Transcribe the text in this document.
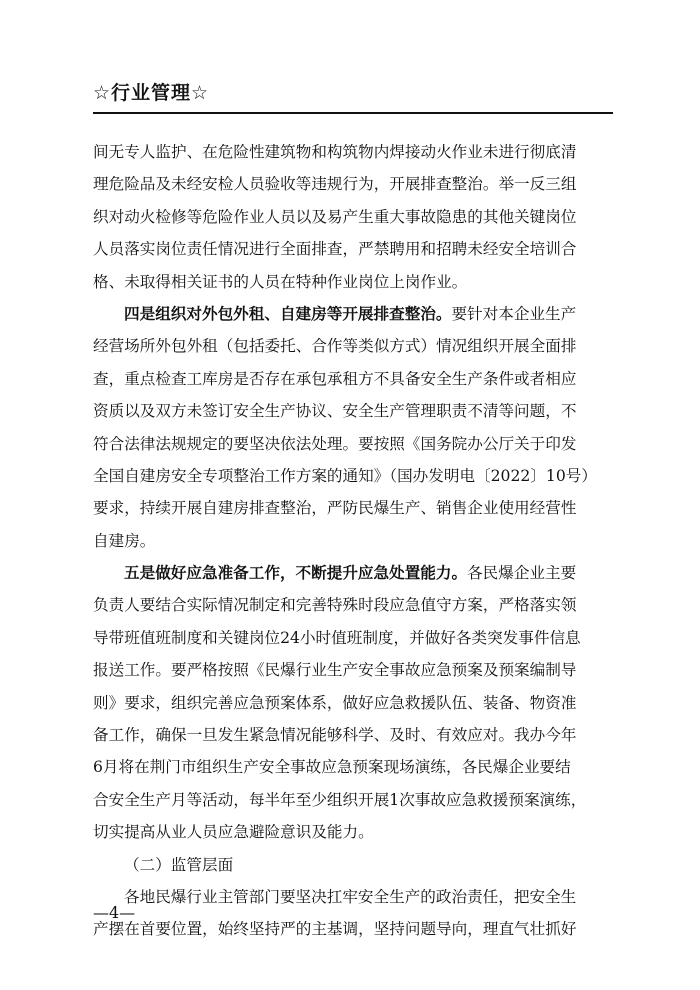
☆行业管理☆
间无专人监护、在危险性建筑物和构筑物内焊接动火作业未进行彻底清
理危险品及未经安检人员验收等违规行为，开展排查整治。举一反三组
织对动火检修等危险作业人员以及易产生重大事故隐患的其他关键岗位
人员落实岗位责任情况进行全面排查，严禁聘用和招聘未经安全培训合
格、未取得相关证书的人员在特种作业岗位上岗作业。
四是组织对外包外租、自建房等开展排查整治。要针对本企业生产
经营场所外包外租（包括委托、合作等类似方式）情况组织开展全面排
查，重点检查工库房是否存在承包承租方不具备安全生产条件或者相应
资质以及双方未签订安全生产协议、安全生产管理职责不清等问题，不
符合法律法规规定的要坚决依法处理。要按照《国务院办公厅关于印发
全国自建房安全专项整治工作方案的通知》（国办发明电〔2022〕10号）
要求，持续开展自建房排查整治，严防民爆生产、销售企业使用经营性
自建房。
五是做好应急准备工作，不断提升应急处置能力。各民爆企业主要
负责人要结合实际情况制定和完善特殊时段应急值守方案，严格落实领
导带班值班制度和关键岗位24小时值班制度，并做好各类突发事件信息
报送工作。要严格按照《民爆行业生产安全事故应急预案及预案编制导
则》要求，组织完善应急预案体系，做好应急救援队伍、装备、物资准
备工作，确保一旦发生紧急情况能够科学、及时、有效应对。我办今年
6月将在荆门市组织生产安全事故应急预案现场演练，各民爆企业要结
合安全生产月等活动，每半年至少组织开展1次事故应急救援预案演练，
切实提高从业人员应急避险意识及能力。
（二）监管层面
各地民爆行业主管部门要坚决扛牢安全生产的政治责任，把安全生
产摆在首要位置，始终坚持严的主基调，坚持问题导向，理直气壮抓好
—4—
